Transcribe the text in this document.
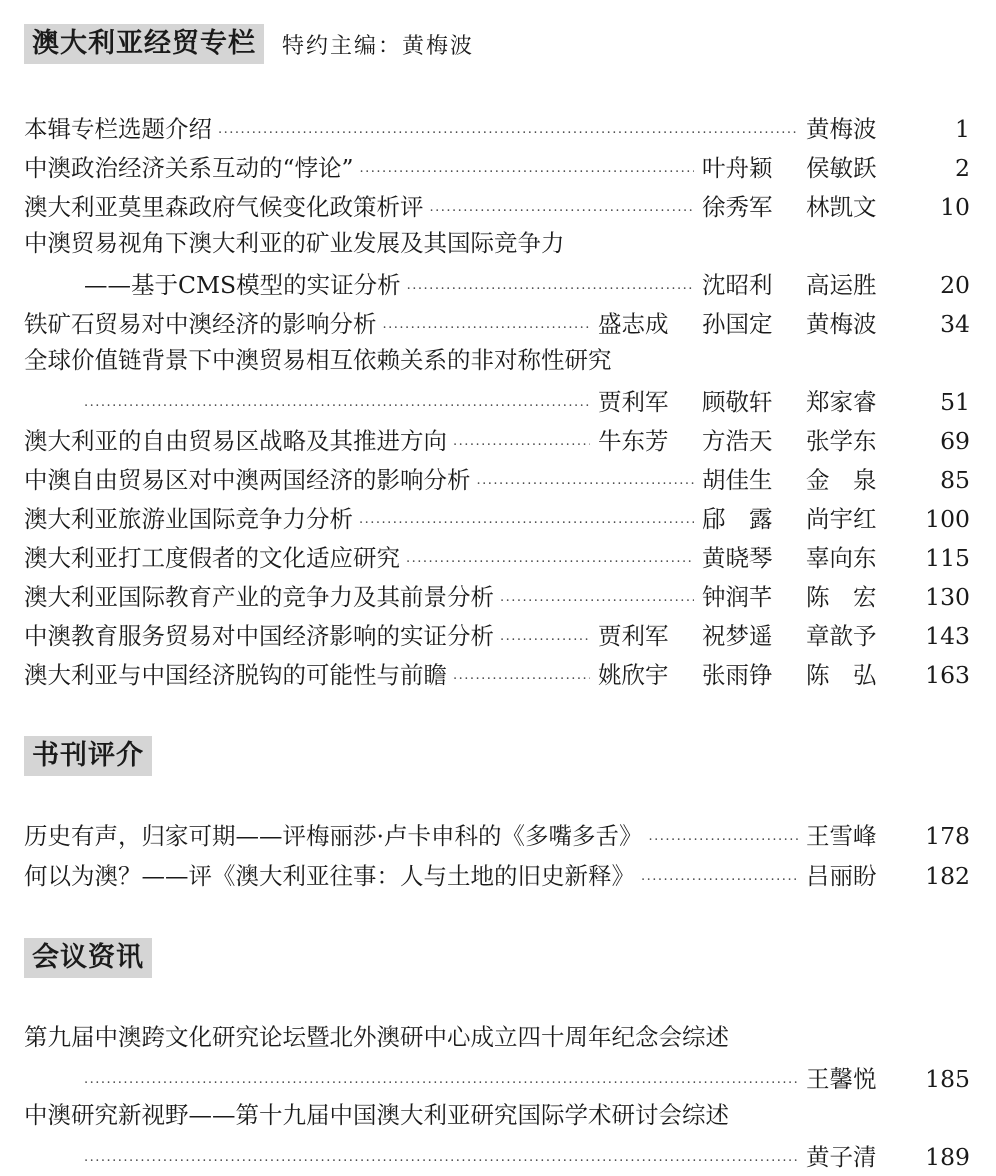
澳大利亚经贸专栏	特约主编：黄梅波
本辑专栏选题介绍 .....	黄梅波	1
中澳政治经济关系互动的“悖论” .....	叶舟颖	侯敏跃	2
澳大利亚莫里森政府气候变化政策析评 .....	徐秀军	林凯文	10
中澳贸易视角下澳大利亚的矿业发展及其国际竞争力
——基于CMS模型的实证分析 .....	沈昭利	高运胜	20
铁矿石贸易对中澳经济的影响分析 .....	盛志成	孙国定	黄梅波	34
全球价值链背景下中澳贸易相互依赖关系的非对称性研究
.....
贾利军	顾敬轩	郑家睿	51
澳大利亚的自由贸易区战略及其推进方向 .....	牛东芳	方浩天	张学东	69
中澳自由贸易区对中澳两国经济的影响分析 .....	胡佳生	金　泉	85
澳大利亚旅游业国际竞争力分析 .....	郈　露	尚宇红	100
澳大利亚打工度假者的文化适应研究 .....	黄晓琴	辜向东	115
澳大利亚国际教育产业的竞争力及其前景分析 .....	钟润芊	陈　宏	130
中澳教育服务贸易对中国经济影响的实证分析 .....	贾利军	祝梦遥	章歆予	143
澳大利亚与中国经济脱钩的可能性与前瞻 .....	姚欣宇	张雨铮	陈　弘	163
书刊评介
历史有声，归家可期——评梅丽莎·卢卡申科的《多嘴多舌》 .....	王雪峰	178
何以为澳？——评《澳大利亚往事：人与土地的旧史新释》 .....	吕丽盼	182
会议资讯
第九届中澳跨文化研究论坛暨北外澳研中心成立四十周年纪念会综述
.....
王馨悦	185
中澳研究新视野——第十九届中国澳大利亚研究国际学术研讨会综述
.....
黄子清	189
